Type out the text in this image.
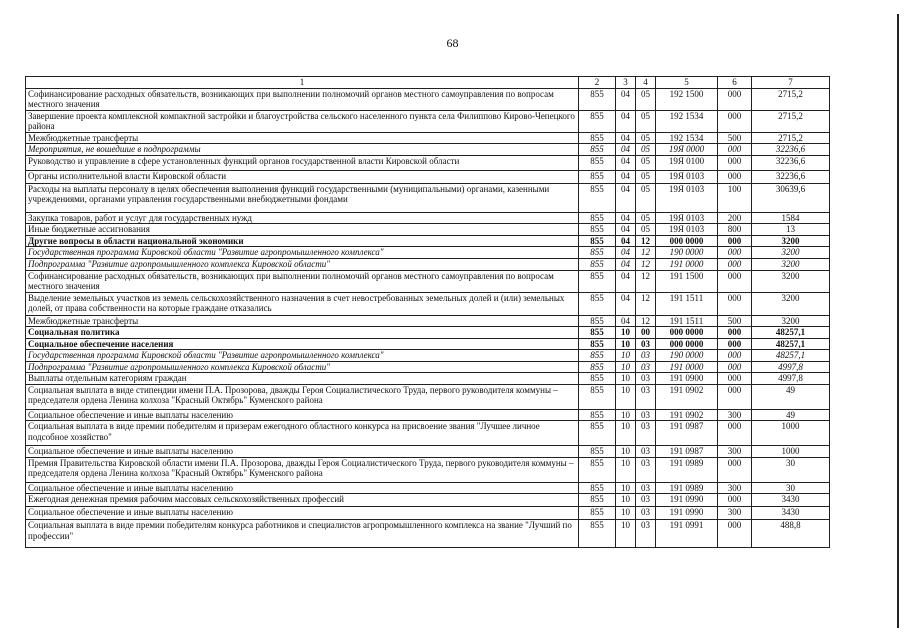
68
1	2	3	4	5	6	7
Софинансирование расходных обязательств, возникающих при выполнении полномочий органов местного самоуправления по вопросам местного значения	855	04	05	192 1500	000	2715,2
Завершение проекта комплексной компактной застройки и благоустройства сельского населенного пункта села Филиппово Кирово-Чепецкого района	855	04	05	192 1534	000	2715,2
Межбюджетные трансферты	855	04	05	192 1534	500	2715,2
Мероприятия, не вошедшие в подпрограммы	855	04	05	19Я 0000	000	32236,6
Руководство и управление в сфере установленных функций органов государственной власти Кировской области	855	04	05	19Я 0100	000	32236,6
Органы исполнительной власти Кировской области	855	04	05	19Я 0103	000	32236,6
Расходы на выплаты персоналу в целях обеспечения выполнения функций государственными (муниципальными) органами, казенными учреждениями, органами управления государственными внебюджетными фондами	855	04	05	19Я 0103	100	30639,6
Закупка товаров, работ и услуг для государственных нужд	855	04	05	19Я 0103	200	1584
Иные бюджетные ассигнования	855	04	05	19Я 0103	800	13
Другие вопросы в области национальной экономики	855	04	12	000 0000	000	3200
Государственная программа Кировской области "Развитие агропромышленного комплекса"	855	04	12	190 0000	000	3200
Подпрограмма "Развитие агропромышленного комплекса Кировской области"	855	04	12	191 0000	000	3200
Софинансирование расходных обязательств, возникающих при выполнении полномочий органов местного самоуправления по вопросам местного значения	855	04	12	191 1500	000	3200
Выделение земельных участков из земель сельскохозяйственного назначения в счет невостребованных земельных долей и (или) земельных долей, от права собственности на которые граждане отказались	855	04	12	191 1511	000	3200
Межбюджетные трансферты	855	04	12	191 1511	500	3200
Социальная политика	855	10	00	000 0000	000	48257,1
Социальное обеспечение населения	855	10	03	000 0000	000	48257,1
Государственная программа Кировской области "Развитие агропромышленного комплекса"	855	10	03	190 0000	000	48257,1
Подпрограмма "Развитие агропромышленного комплекса Кировской области"	855	10	03	191 0000	000	4997,8
Выплаты отдельным категориям граждан	855	10	03	191 0900	000	4997,8
Социальная выплата в виде стипендии имени П.А. Прозорова, дважды Героя Социалистического Труда, первого руководителя коммуны – председателя ордена Ленина колхоза "Красный Октябрь" Куменского района	855	10	03	191 0902	000	49
Социальное обеспечение и иные выплаты населению	855	10	03	191 0902	300	49
Социальная выплата в виде премии победителям и призерам ежегодного областного конкурса на присвоение звания "Лучшее личное подсобное хозяйство"	855	10	03	191 0987	000	1000
Социальное обеспечение и иные выплаты населению	855	10	03	191 0987	300	1000
Премия Правительства Кировской области имени П.А. Прозорова, дважды Героя Социалистического Труда, первого руководителя коммуны – председателя ордена Ленина колхоза "Красный Октябрь" Куменского района	855	10	03	191 0989	000	30
Социальное обеспечение и иные выплаты населению	855	10	03	191 0989	300	30
Ежегодная денежная премия рабочим массовых сельскохозяйственных профессий	855	10	03	191 0990	000	3430
Социальное обеспечение и иные выплаты населению	855	10	03	191 0990	300	3430
Социальная выплата в виде премии победителям конкурса работников и специалистов агропромышленного комплекса на звание "Лучший по профессии"	855	10	03	191 0991	000	488,8
